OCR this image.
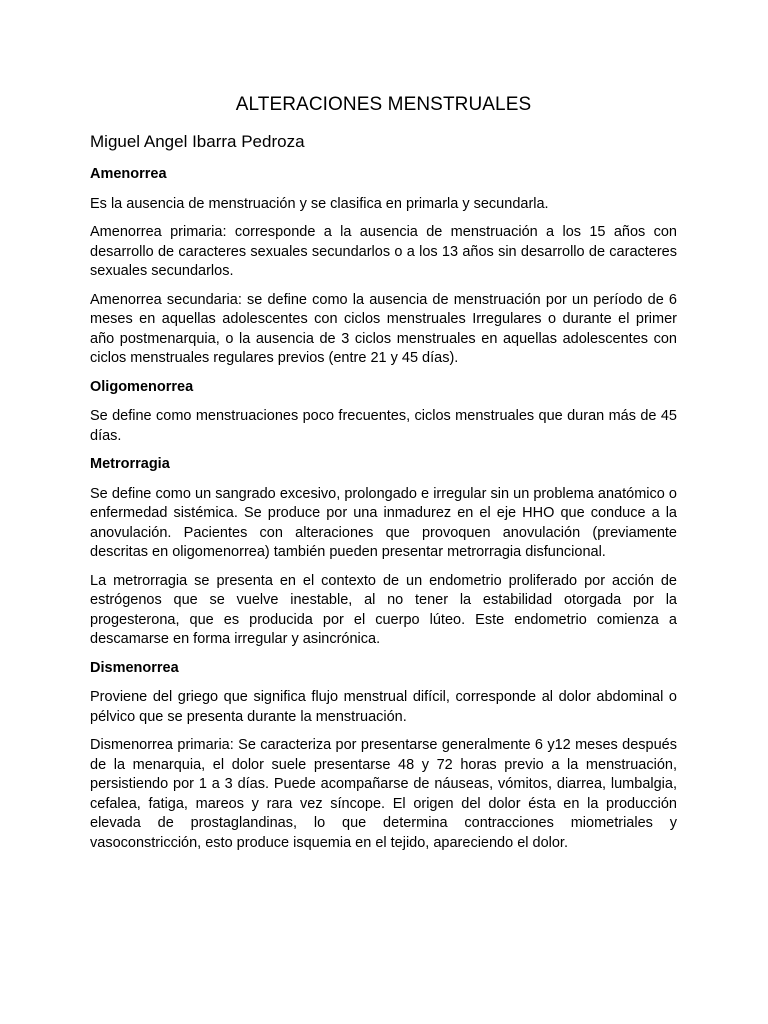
ALTERACIONES MENSTRUALES
Miguel Angel Ibarra Pedroza
Amenorrea

Es la ausencia de menstruación y se clasifica en primarla y secundarla.

Amenorrea primaria: corresponde a la ausencia de menstruación a los 15 años con desarrollo de caracteres sexuales secundarlos o a los 13 años sin desarrollo de caracteres sexuales secundarlos.

Amenorrea secundaria: se define como la ausencia de menstruación por un período de 6 meses en aquellas adolescentes con ciclos menstruales Irregulares o durante el primer año postmenarquia, o la ausencia de 3 ciclos menstruales en aquellas adolescentes con ciclos menstruales regulares previos (entre 21 y 45 días).

Oligomenorrea

Se define como menstruaciones poco frecuentes, ciclos menstruales que duran más de 45 días.

Metrorragia

Se define como un sangrado excesivo, prolongado e irregular sin un problema anatómico o enfermedad sistémica. Se produce por una inmadurez en el eje HHO que conduce a la anovulación. Pacientes con alteraciones que provoquen anovulación (previamente descritas en oligomenorrea) también pueden presentar metrorragia disfuncional.

La metrorragia se presenta en el contexto de un endometrio proliferado por acción de estrógenos que se vuelve inestable, al no tener la estabilidad otorgada por la progesterona, que es producida por el cuerpo lúteo. Este endometrio comienza a descamarse en forma irregular y asincrónica.

Dismenorrea

Proviene del griego que significa flujo menstrual difícil, corresponde al dolor abdominal o pélvico que se presenta durante la menstruación.

Dismenorrea primaria: Se caracteriza por presentarse generalmente 6 y12 meses después de la menarquia, el dolor suele presentarse 48 y 72 horas previo a la menstruación, persistiendo por 1 a 3 días. Puede acompañarse de náuseas, vómitos, diarrea, lumbalgia, cefalea, fatiga, mareos y rara vez síncope. El origen del dolor ésta en la producción elevada de prostaglandinas, lo que determina contracciones miometriales y vasoconstricción, esto produce isquemia en el tejido, apareciendo el dolor.
